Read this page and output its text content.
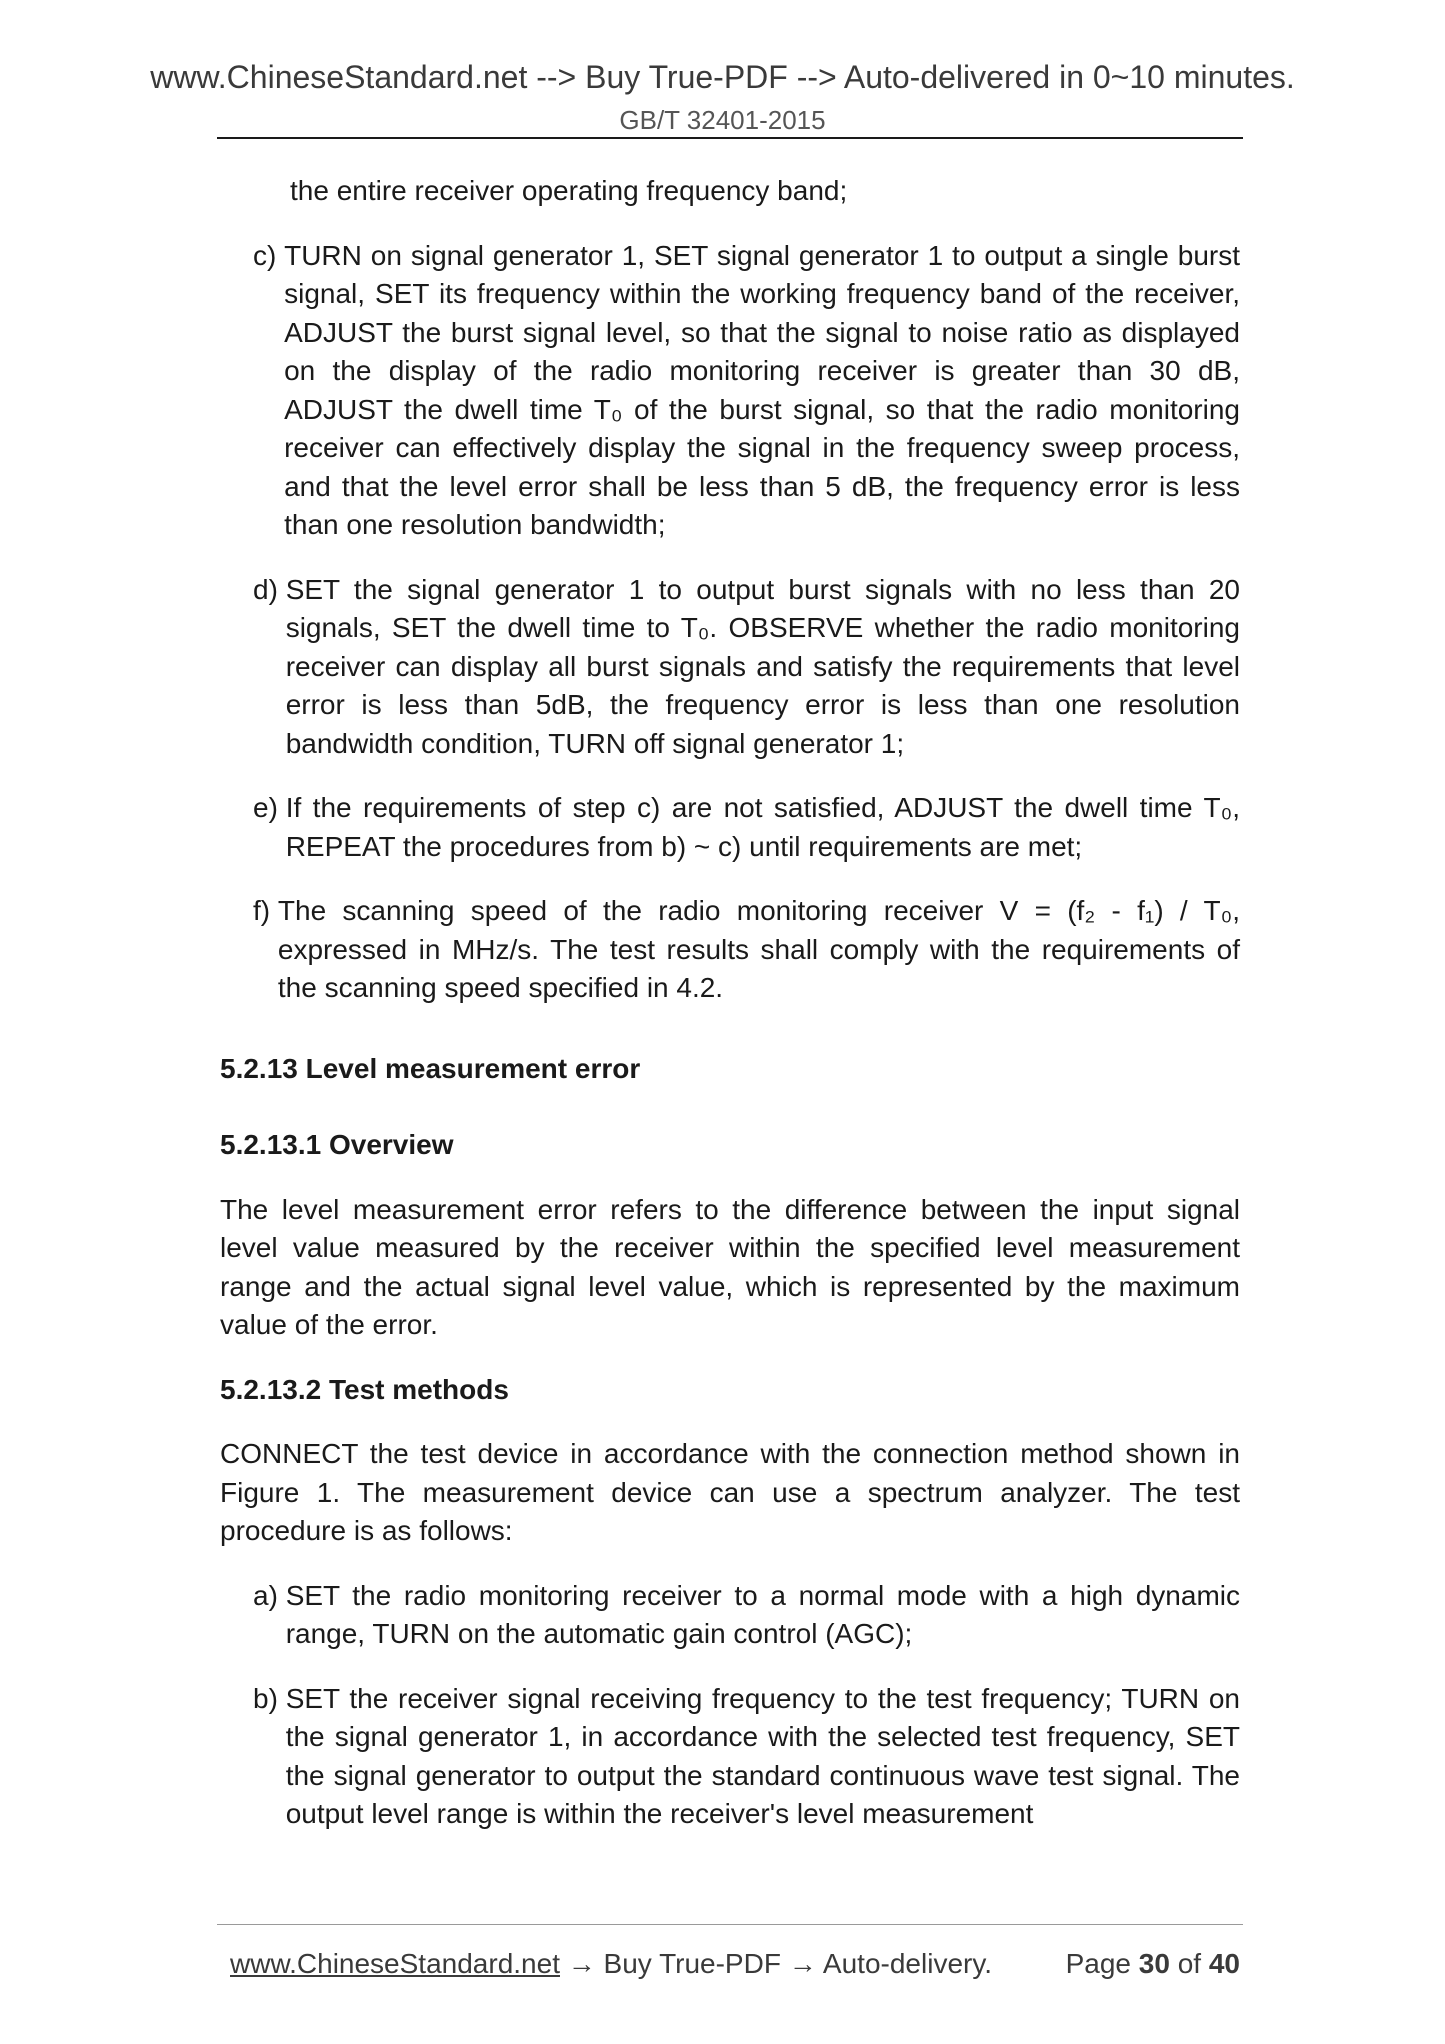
www.ChineseStandard.net --> Buy True-PDF --> Auto-delivered in 0~10 minutes.
GB/T 32401-2015

the entire receiver operating frequency band;

c)
TURN on signal generator 1, SET signal generator 1 to output a single burst signal, SET its frequency within the working frequency band of the receiver, ADJUST the burst signal level, so that the signal to noise ratio as displayed on the display of the radio monitoring receiver is greater than 30 dB, ADJUST the dwell time T₀ of the burst signal, so that the radio monitoring receiver can effectively display the signal in the frequency sweep process, and that the level error shall be less than 5 dB, the frequency error is less than one resolution bandwidth;
d)
SET the signal generator 1 to output burst signals with no less than 20 signals, SET the dwell time to T₀. OBSERVE whether the radio monitoring receiver can display all burst signals and satisfy the requirements that level error is less than 5dB, the frequency error is less than one resolution bandwidth condition, TURN off signal generator 1;
e)
If the requirements of step c) are not satisfied, ADJUST the dwell time T₀, REPEAT the procedures from b) ~ c) until requirements are met;
f)
The scanning speed of the radio monitoring receiver V = (f₂ - f₁) / T₀, expressed in MHz/s. The test results shall comply with the requirements of the scanning speed specified in 4.2.

5.2.13 Level measurement error

5.2.13.1 Overview

The level measurement error refers to the difference between the input signal level value measured by the receiver within the specified level measurement range and the actual signal level value, which is represented by the maximum value of the error.

5.2.13.2 Test methods

CONNECT the test device in accordance with the connection method shown in Figure 1. The measurement device can use a spectrum analyzer. The test procedure is as follows:

a)
SET the radio monitoring receiver to a normal mode with a high dynamic range, TURN on the automatic gain control (AGC);
b)
SET the receiver signal receiving frequency to the test frequency; TURN on the signal generator 1, in accordance with the selected test frequency, SET the signal generator to output the standard continuous wave test signal. The output level range is within the receiver's level measurement
www.ChineseStandard.net → Buy True-PDF → Auto-delivery.	Page 30 of 40
